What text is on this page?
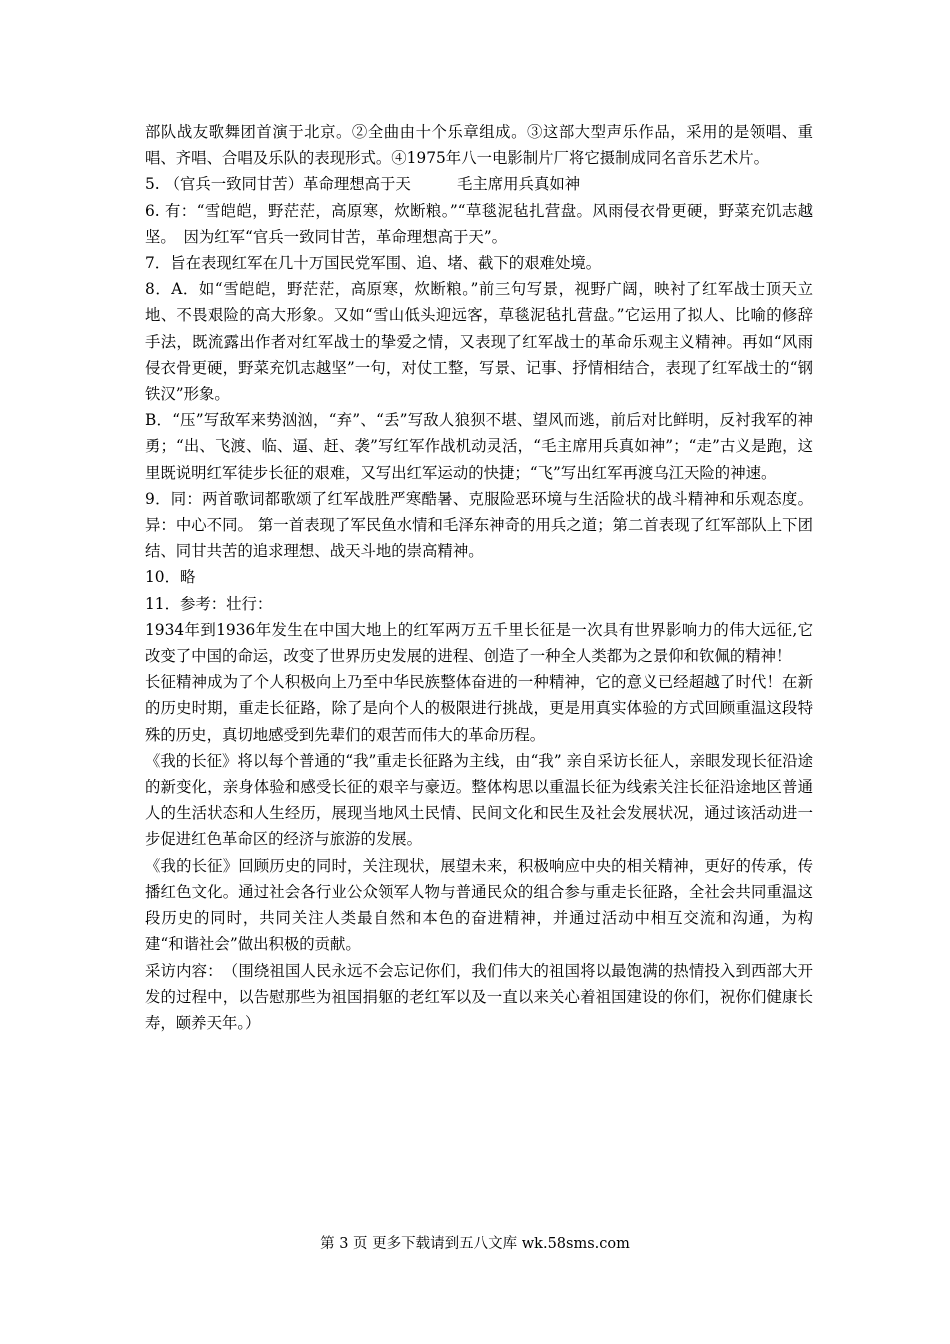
部队战友歌舞团首演于北京。②全曲由十个乐章组成。③这部大型声乐作品，采用的是领唱、重唱、齐唱、合唱及乐队的表现形式。④1975年八一电影制片厂将它摄制成同名音乐艺术片。

5. （官兵一致同甘苦）革命理想高于天　　　毛主席用兵真如神

6. 有：“雪皑皑，野茫茫，高原寒，炊断粮。”“草毯泥毡扎营盘。风雨侵衣骨更硬，野菜充饥志越坚。　因为红军“官兵一致同甘苦，革命理想高于天”。

7．旨在表现红军在几十万国民党军围、追、堵、截下的艰难处境。

8．A．如“雪皑皑，野茫茫，高原寒，炊断粮。”前三句写景，视野广阔，映衬了红军战士顶天立地、不畏艰险的高大形象。又如“雪山低头迎远客，草毯泥毡扎营盘。”它运用了拟人、比喻的修辞手法，既流露出作者对红军战士的挚爱之情，又表现了红军战士的革命乐观主义精神。再如“风雨侵衣骨更硬，野菜充饥志越坚”一句，对仗工整，写景、记事、抒情相结合，表现了红军战士的“钢铁汉”形象。

B．“压”写敌军来势汹汹，“弃”、“丢”写敌人狼狈不堪、望风而逃，前后对比鲜明，反衬我军的神勇；“出、飞渡、临、逼、赶、袭”写红军作战机动灵活，“毛主席用兵真如神”；“走”古义是跑，这里既说明红军徒步长征的艰难，又写出红军运动的快捷；“飞”写出红军再渡乌江天险的神速。

9．同：两首歌词都歌颂了红军战胜严寒酷暑、克服险恶环境与生活险状的战斗精神和乐观态度。异：中心不同。 第一首表现了军民鱼水情和毛泽东神奇的用兵之道；第二首表现了红军部队上下团结、同甘共苦的追求理想、战天斗地的崇高精神。

10．略

11．参考：壮行：

1934年到1936年发生在中国大地上的红军两万五千里长征是一次具有世界影响力的伟大远征,它改变了中国的命运，改变了世界历史发展的进程、创造了一种全人类都为之景仰和钦佩的精神！

长征精神成为了个人积极向上乃至中华民族整体奋进的一种精神，它的意义已经超越了时代！在新的历史时期，重走长征路，除了是向个人的极限进行挑战，更是用真实体验的方式回顾重温这段特殊的历史，真切地感受到先辈们的艰苦而伟大的革命历程。

《我的长征》将以每个普通的“我”重走长征路为主线，由“我” 亲自采访长征人，亲眼发现长征沿途的新变化，亲身体验和感受长征的艰辛与豪迈。整体构思以重温长征为线索关注长征沿途地区普通人的生活状态和人生经历，展现当地风土民情、民间文化和民生及社会发展状况，通过该活动进一步促进红色革命区的经济与旅游的发展。

《我的长征》回顾历史的同时，关注现状，展望未来，积极响应中央的相关精神，更好的传承，传播红色文化。通过社会各行业公众领军人物与普通民众的组合参与重走长征路，全社会共同重温这段历史的同时，共同关注人类最自然和本色的奋进精神，并通过活动中相互交流和沟通，为构建“和谐社会”做出积极的贡献。

采访内容：　（围绕祖国人民永远不会忘记你们，我们伟大的祖国将以最饱满的热情投入到西部大开发的过程中，以告慰那些为祖国捐躯的老红军以及一直以来关心着祖国建设的你们，祝你们健康长寿，颐养天年。）

第 3 页 更多下载请到五八文库 wk.58sms.com
